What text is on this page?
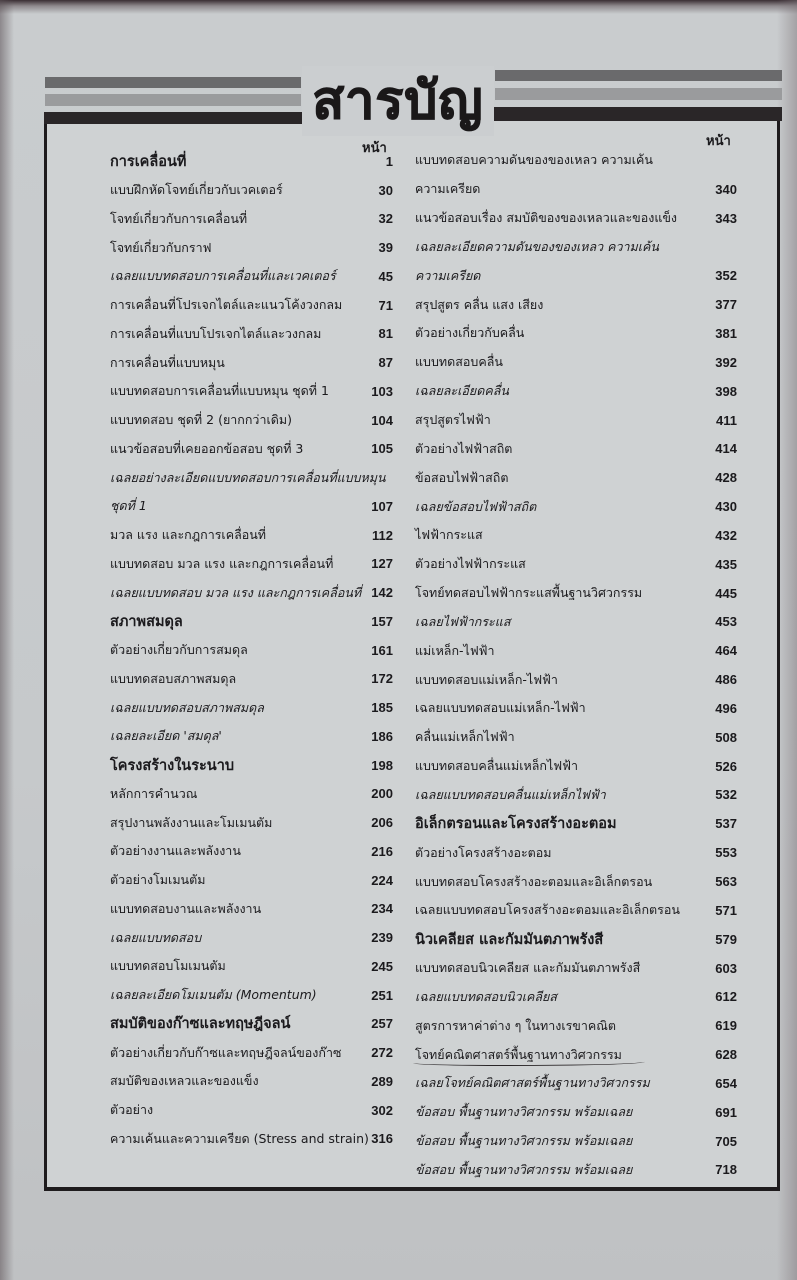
สารบัญ
หน้า	หน้า
การเคลื่อนที่	1
แบบฝึกหัดโจทย์เกี่ยวกับเวคเตอร์	30
โจทย์เกี่ยวกับการเคลื่อนที่	32
โจทย์เกี่ยวกับกราฟ	39
เฉลยแบบทดสอบการเคลื่อนที่และเวคเตอร์	45
การเคลื่อนที่โปรเจกไตล์และแนวโค้งวงกลม	71
การเคลื่อนที่แบบโปรเจกไตล์และวงกลม	81
การเคลื่อนที่แบบหมุน	87
แบบทดสอบการเคลื่อนที่แบบหมุน ชุดที่ 1	103
แบบทดสอบ ชุดที่ 2 (ยากกว่าเดิม)	104
แนวข้อสอบที่เคยออกข้อสอบ ชุดที่ 3	105
เฉลยอย่างละเอียดแบบทดสอบการเคลื่อนที่แบบหมุน
ชุดที่ 1	107
มวล แรง และกฎการเคลื่อนที่	112
แบบทดสอบ มวล แรง และกฎการเคลื่อนที่	127
เฉลยแบบทดสอบ มวล แรง และกฎการเคลื่อนที่ 142
สภาพสมดุล	157
ตัวอย่างเกี่ยวกับการสมดุล	161
แบบทดสอบสภาพสมดุล	172
เฉลยแบบทดสอบสภาพสมดุล	185
เฉลยละเอียด 'สมดุล'	186
โครงสร้างในระนาบ	198
หลักการคำนวณ	200
สรุปงานพลังงานและโมเมนตัม	206
ตัวอย่างงานและพลังงาน	216
ตัวอย่างโมเมนตัม	224
แบบทดสอบงานและพลังงาน	234
เฉลยแบบทดสอบ	239
แบบทดสอบโมเมนตัม	245
เฉลยละเอียดโมเมนตัม (Momentum)	251
สมบัติของก๊าซและทฤษฎีจลน์	257
ตัวอย่างเกี่ยวกับก๊าซและทฤษฎีจลน์ของก๊าซ	272
สมบัติของเหลวและของแข็ง	289
ตัวอย่าง	302
ความเค้นและความเครียด (Stress and strain) 316
แบบทดสอบความดันของของเหลว ความเค้น
ความเครียด	340
แนวข้อสอบเรื่อง สมบัติของของเหลวและของแข็ง	343
เฉลยละเอียดความดันของของเหลว ความเค้น
ความเครียด	352
สรุปสูตร คลื่น แสง เสียง	377
ตัวอย่างเกี่ยวกับคลื่น	381
แบบทดสอบคลื่น	392
เฉลยละเอียดคลื่น	398
สรุปสูตรไฟฟ้า	411
ตัวอย่างไฟฟ้าสถิต	414
ข้อสอบไฟฟ้าสถิต	428
เฉลยข้อสอบไฟฟ้าสถิต	430
ไฟฟ้ากระแส	432
ตัวอย่างไฟฟ้ากระแส	435
โจทย์ทดสอบไฟฟ้ากระแสพื้นฐานวิศวกรรม	445
เฉลยไฟฟ้ากระแส	453
แม่เหล็ก-ไฟฟ้า	464
แบบทดสอบแม่เหล็ก-ไฟฟ้า	486
เฉลยแบบทดสอบแม่เหล็ก-ไฟฟ้า	496
คลื่นแม่เหล็กไฟฟ้า	508
แบบทดสอบคลื่นแม่เหล็กไฟฟ้า	526
เฉลยแบบทดสอบคลื่นแม่เหล็กไฟฟ้า	532
อิเล็กตรอนและโครงสร้างอะตอม	537
ตัวอย่างโครงสร้างอะตอม	553
แบบทดสอบโครงสร้างอะตอมและอิเล็กตรอน	563
เฉลยแบบทดสอบโครงสร้างอะตอมและอิเล็กตรอน	571
นิวเคลียส และกัมมันตภาพรังสี	579
แบบทดสอบนิวเคลียส และกัมมันตภาพรังสี	603
เฉลยแบบทดสอบนิวเคลียส	612
สูตรการหาค่าต่าง ๆ ในทางเรขาคณิต	619
โจทย์คณิตศาสตร์พื้นฐานทางวิศวกรรม	628
เฉลยโจทย์คณิตศาสตร์พื้นฐานทางวิศวกรรม	654
ข้อสอบ พื้นฐานทางวิศวกรรม พร้อมเฉลย	691
ข้อสอบ พื้นฐานทางวิศวกรรม พร้อมเฉลย	705
ข้อสอบ พื้นฐานทางวิศวกรรม พร้อมเฉลย	718
